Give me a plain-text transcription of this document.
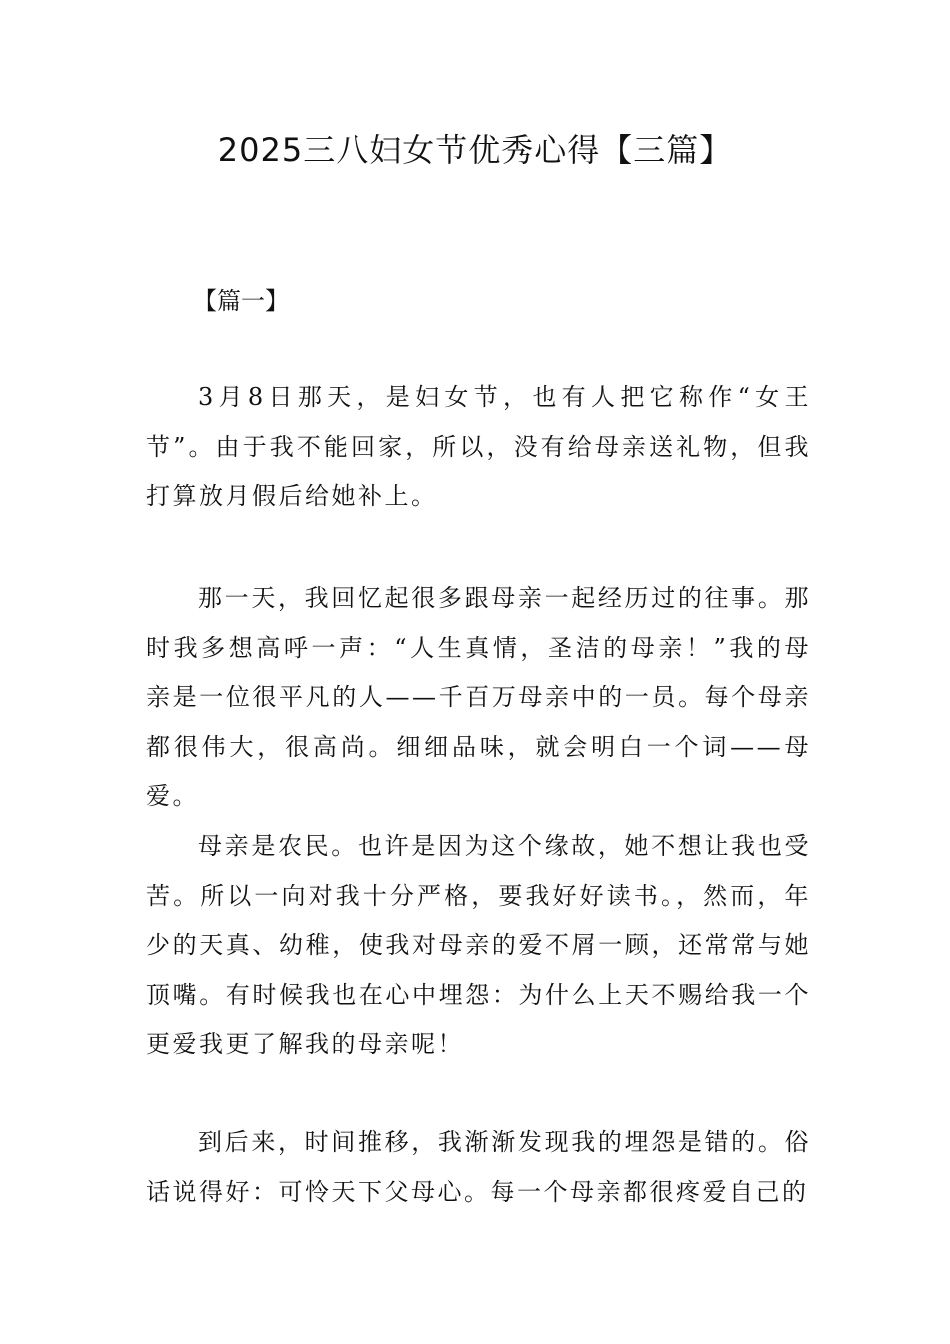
2025三八妇女节优秀心得【三篇】
【篇一】

3月8日那天，是妇女节，也有人把它称作“女王节”。由于我不能回家，所以，没有给母亲送礼物，但我打算放月假后给她补上。

那一天，我回忆起很多跟母亲一起经历过的往事。那时我多想高呼一声：“人生真情，圣洁的母亲！”我的母亲是一位很平凡的人——千百万母亲中的一员。每个母亲都很伟大，很高尚。细细品味，就会明白一个词——母爱。

母亲是农民。也许是因为这个缘故，她不想让我也受苦。所以一向对我十分严格，要我好好读书。，然而，年少的天真、幼稚，使我对母亲的爱不屑一顾，还常常与她顶嘴。有时候我也在心中埋怨：为什么上天不赐给我一个更爱我更了解我的母亲呢！

到后来，时间推移，我渐渐发现我的埋怨是错的。俗话说得好：可怜天下父母心。每一个母亲都很疼爱自己的
